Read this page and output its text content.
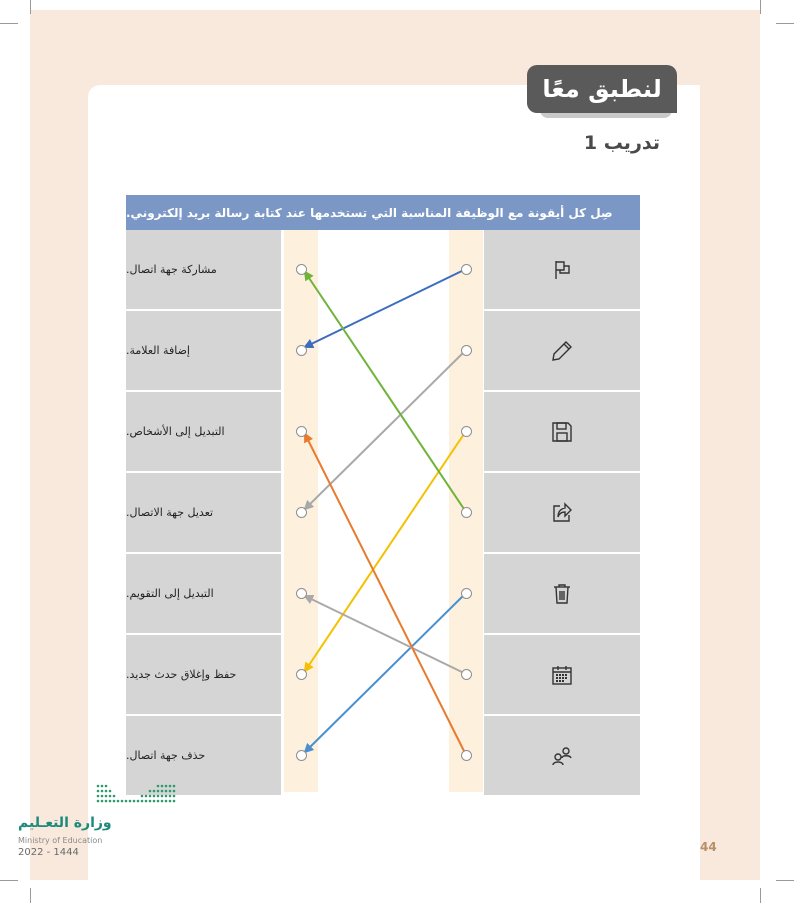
لنطبق معًا
تدريب 1
صِل كل أيقونة مع الوظيفة المناسبة التي تستخدمها عند كتابة رسالة بريد إلكتروني.
مشاركة جهة اتصال.
إضافة العلامة.
التبديل إلى الأشخاص.
تعديل جهة الاتصال.
التبديل إلى التقويم.
حفظ وإغلاق حدث جديد.
حذف جهة اتصال.
وزارة التعـليم
Ministry of Education
2022 - 1444	44
